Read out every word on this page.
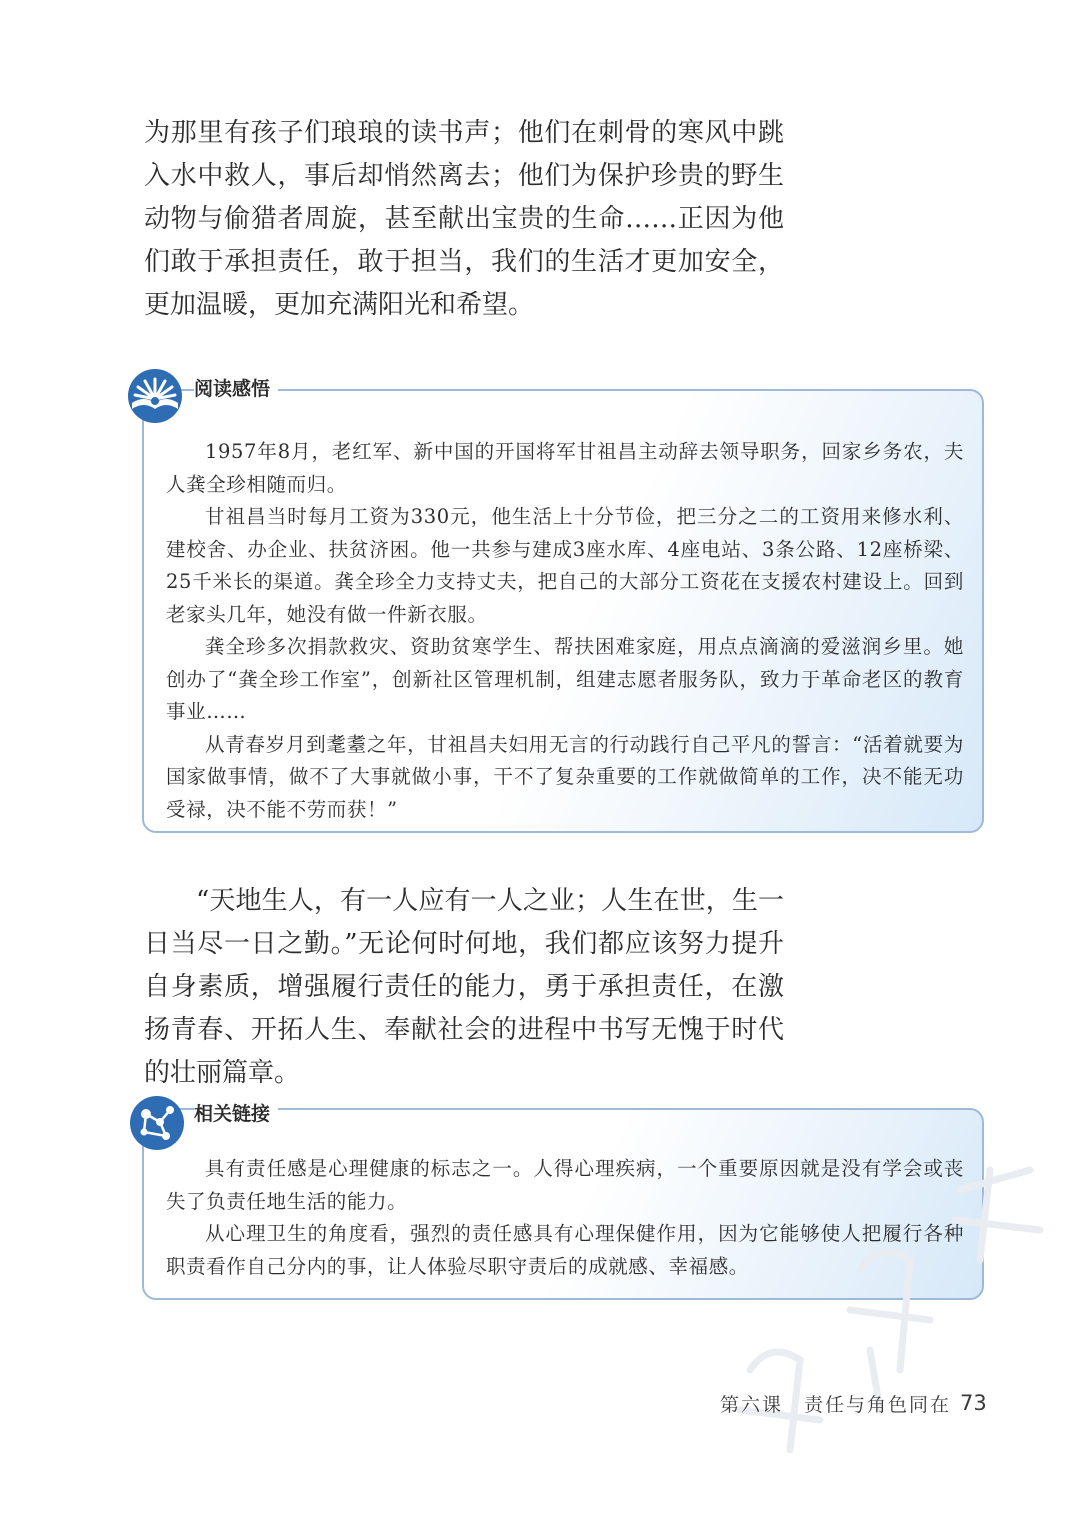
为那里有孩子们琅琅的读书声；他们在刺骨的寒风中跳入水中救人，事后却悄然离去；他们为保护珍贵的野生动物与偷猎者周旋，甚至献出宝贵的生命……正因为他们敢于承担责任，敢于担当，我们的生活才更加安全，更加温暖，更加充满阳光和希望。

阅读感悟

1957年8月，老红军、新中国的开国将军甘祖昌主动辞去领导职务，回家乡务农，夫人龚全珍相随而归。

甘祖昌当时每月工资为330元，他生活上十分节俭，把三分之二的工资用来修水利、建校舍、办企业、扶贫济困。他一共参与建成3座水库、4座电站、3条公路、12座桥梁、25千米长的渠道。龚全珍全力支持丈夫，把自己的大部分工资花在支援农村建设上。回到老家头几年，她没有做一件新衣服。

龚全珍多次捐款救灾、资助贫寒学生、帮扶困难家庭，用点点滴滴的爱滋润乡里。她创办了“龚全珍工作室”，创新社区管理机制，组建志愿者服务队，致力于革命老区的教育事业……

从青春岁月到耄耋之年，甘祖昌夫妇用无言的行动践行自己平凡的誓言：“活着就要为国家做事情，做不了大事就做小事，干不了复杂重要的工作就做简单的工作，决不能无功受禄，决不能不劳而获！”

“天地生人，有一人应有一人之业；人生在世，生一日当尽一日之勤。”无论何时何地，我们都应该努力提升自身素质，增强履行责任的能力，勇于承担责任，在激扬青春、开拓人生、奉献社会的进程中书写无愧于时代的壮丽篇章。

相关链接

具有责任感是心理健康的标志之一。人得心理疾病，一个重要原因就是没有学会或丧失了负责任地生活的能力。

从心理卫生的角度看，强烈的责任感具有心理保健作用，因为它能够使人把履行各种职责看作自己分内的事，让人体验尽职守责后的成就感、幸福感。

第六课　责任与角色同在 73
